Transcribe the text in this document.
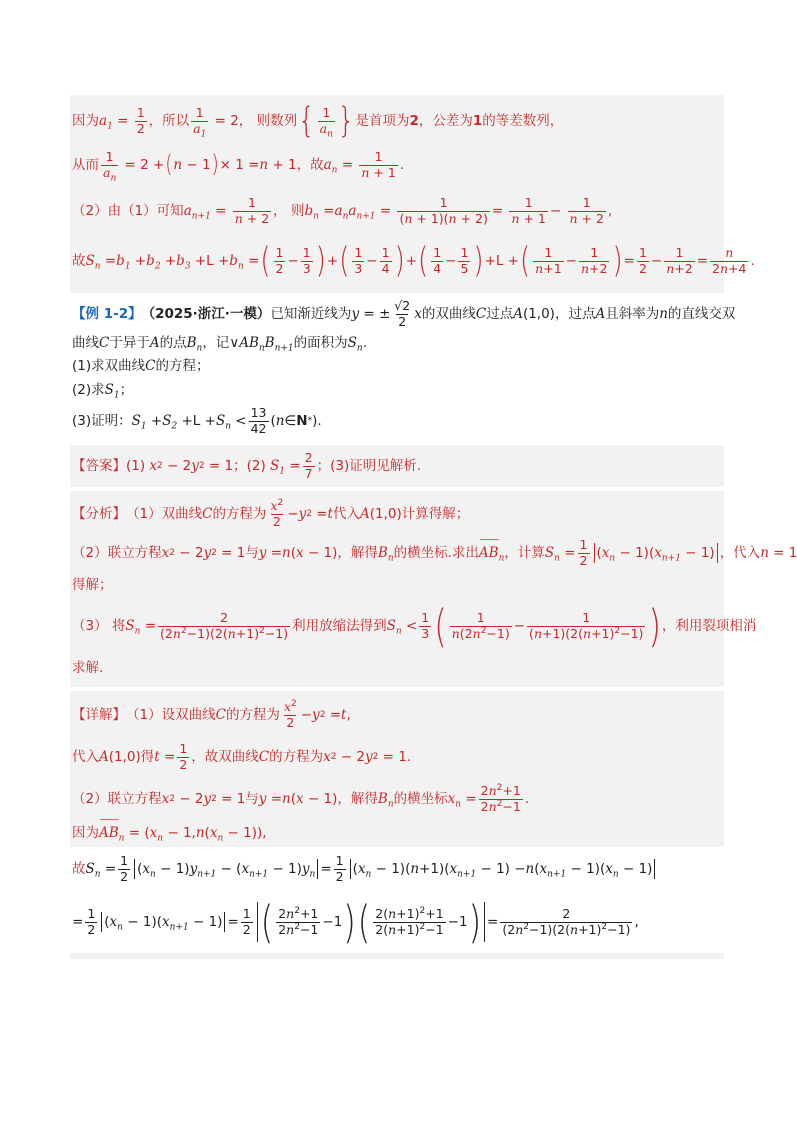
因为 $a_1 = \frac{1}{2}$ ，所以 $\frac{1}{a_1} = 2$ ， 则数列 { $\frac{1}{a_n}$ } 是首项为 2 ，公差为 1 的等差数列，
从而 $\frac{1}{a_n} = 2$ + ( n − 1 ) × 1 = n + 1 ，故 $a_n = \frac{1}{n + 1}$ .
（2）由（1）可知 $a_{n+1} = \frac{1}{n + 2}$ ， 则 $b_n = a_na_{n+1} = \frac{1}{(n + 1)(n + 2)} = \frac{1}{n + 1} - \frac{1}{n + 2}$ ,
故 $S_n = b_1 + b_2 + b_3 +L + b_n$ = ( $\frac{1}{2} - \frac{1}{3}$ ) + ( $\frac{1}{3} - \frac{1}{4}$ ) + ( $\frac{1}{4} - \frac{1}{5}$ ) +L + ( $\frac{1}{n+1} - \frac{1}{n+2}$ ) = $\frac{1}{2} - \frac{1}{n+2} = \frac{n}{2n+4}$ .
【例 1-2】 （2025·浙江·一模） 已知渐近线为 y = ± $\frac{√2}{2}$ x 的双曲线 C 过点 A (1,0) ，过点 A 且斜率为 n 的直线交双
曲线 C 于异于 A 的点 $B_n$ ，记 ∨ $AB_nB_{n+1}$ 的面积为 $S_n$ .
(1)求双曲线 C 的方程；
(2)求 $S_1$ ；
(3)证明： $S_1 + S_2 +L + S_n < \frac{13}{42}$ ( n ∈ N * ).
【答案】 (1)
x 2 − 2 y 2 = 1 ；(2)
$S_1 = \frac{2}{7}$ ；(3)证明见解析.
【分析】 （1）双曲线 C 的方程为 $\frac{x^2}{2} - y$ 2 = t 代入 A (1,0) 计算得解；
（2）联立方程 x 2 − 2 y 2 = 1 与 y = n ( x − 1) ，解得 $B_n$ 的横坐标.求出 ~~~~ $AB_n$ ，计算 $S_n = \frac{1}{2}$ ( $x_n - 1$)( $x_{n+1} - 1$) ，代入 n = 1
得解；
（3） 将 $S_n = \frac{2}{(2n^2-1)(2(n+1)^2-1)}$ 利用放缩法得到 $S_n < \frac{1}{3}$ ( $\frac{1}{n(2n^2-1)} - \frac{1}{(n+1)(2(n+1)^2-1)}$ ) ，利用裂项相消
求解.
【详解】 （1）设双曲线 C 的方程为 $\frac{x^2}{2} - y$ 2 = t ,
代入 A (1,0) 得 $t = \frac{1}{2}$ ，故双曲线 C 的方程为 x 2 − 2 y 2 = 1.
（2）联立方程 x 2 − 2 y 2 = 1 与 y = n ( x − 1) ，解得 $B_n$ 的横坐标 $x_n = \frac{2n^2+1}{2n^2-1}$ .
因为 ~~~~ $AB_n$ = ( $x_n - 1$, n ( $x_n - 1$)),
故 $S_n = \frac{1}{2}$ ( $x_n - 1$) $y_{n+1}$ − ( $x_{n+1} - 1$) $y_n = \frac{1}{2}$ ( $x_n - 1$)( n +1)( $x_{n+1} - 1) - n$ ( $x_{n+1} - 1$)( $x_n - 1$)
= $\frac{1}{2}$ ( $x_n - 1$)( $x_{n+1} - 1) = \frac{1}{2}$ ( $\frac{2n^2+1}{2n^2-1} -1$ ) ( $\frac{2(n+1)^2+1}{2(n+1)^2-1} -1$ ) = $\frac{2}{(2n^2-1)(2(n+1)^2-1)}$ ,
